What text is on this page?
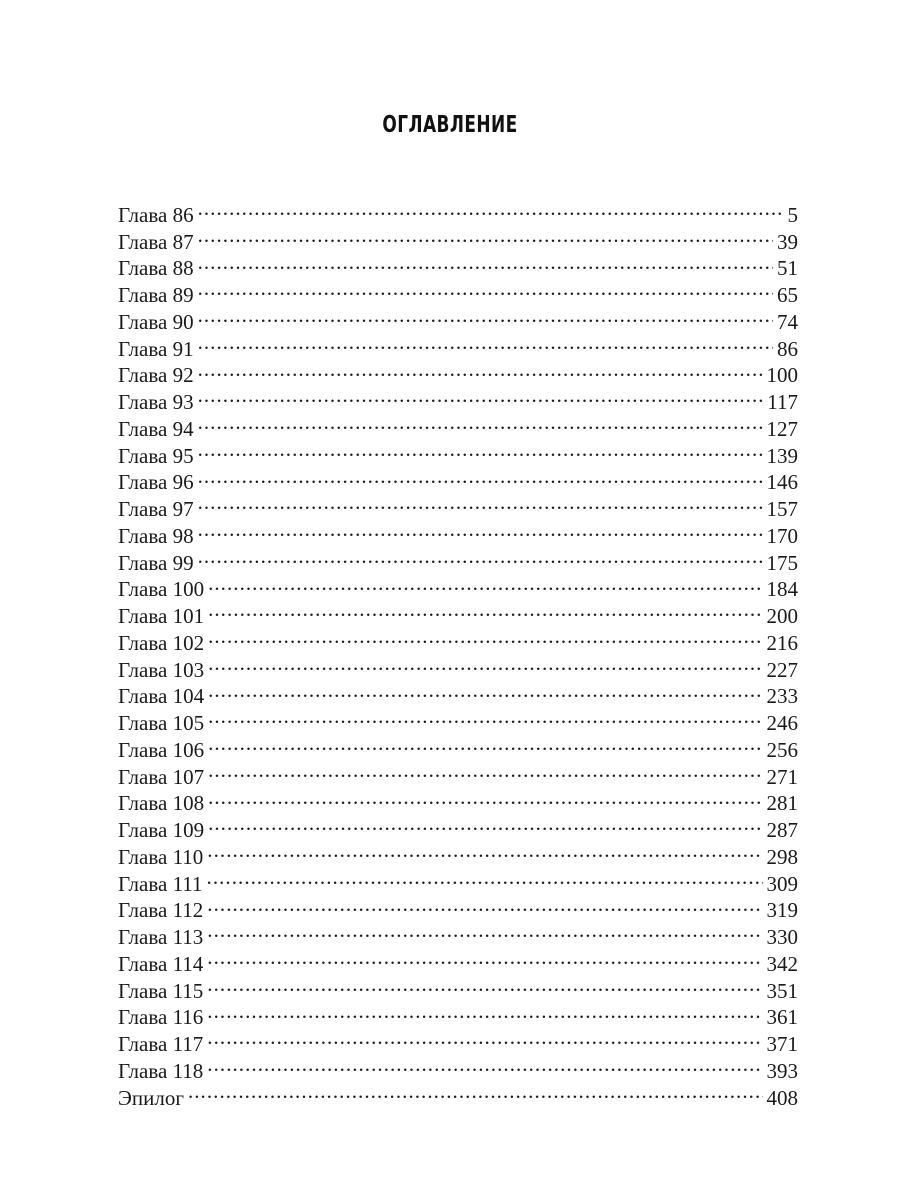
ОГЛАВЛЕНИЕ
Глава 86 . . .	5
Глава 87 . . .	39
Глава 88 . . .	51
Глава 89 . . .	65
Глава 90 . . .	74
Глава 91 . . .	86
Глава 92 . . .	100
Глава 93 . . .	117
Глава 94 . . .	127
Глава 95 . . .	139
Глава 96 . . .	146
Глава 97 . . .	157
Глава 98 . . .	170
Глава 99 . . .	175
Глава 100 . . .	184
Глава 101 . . .	200
Глава 102 . . .	216
Глава 103 . . .	227
Глава 104 . . .	233
Глава 105 . . .	246
Глава 106 . . .	256
Глава 107 . . .	271
Глава 108 . . .	281
Глава 109 . . .	287
Глава 110 . . .	298
Глава 111 . . .	309
Глава 112 . . .	319
Глава 113 . . .	330
Глава 114 . . .	342
Глава 115 . . .	351
Глава 116 . . .	361
Глава 117 . . .	371
Глава 118 . . .	393
Эпилог . . .	408
